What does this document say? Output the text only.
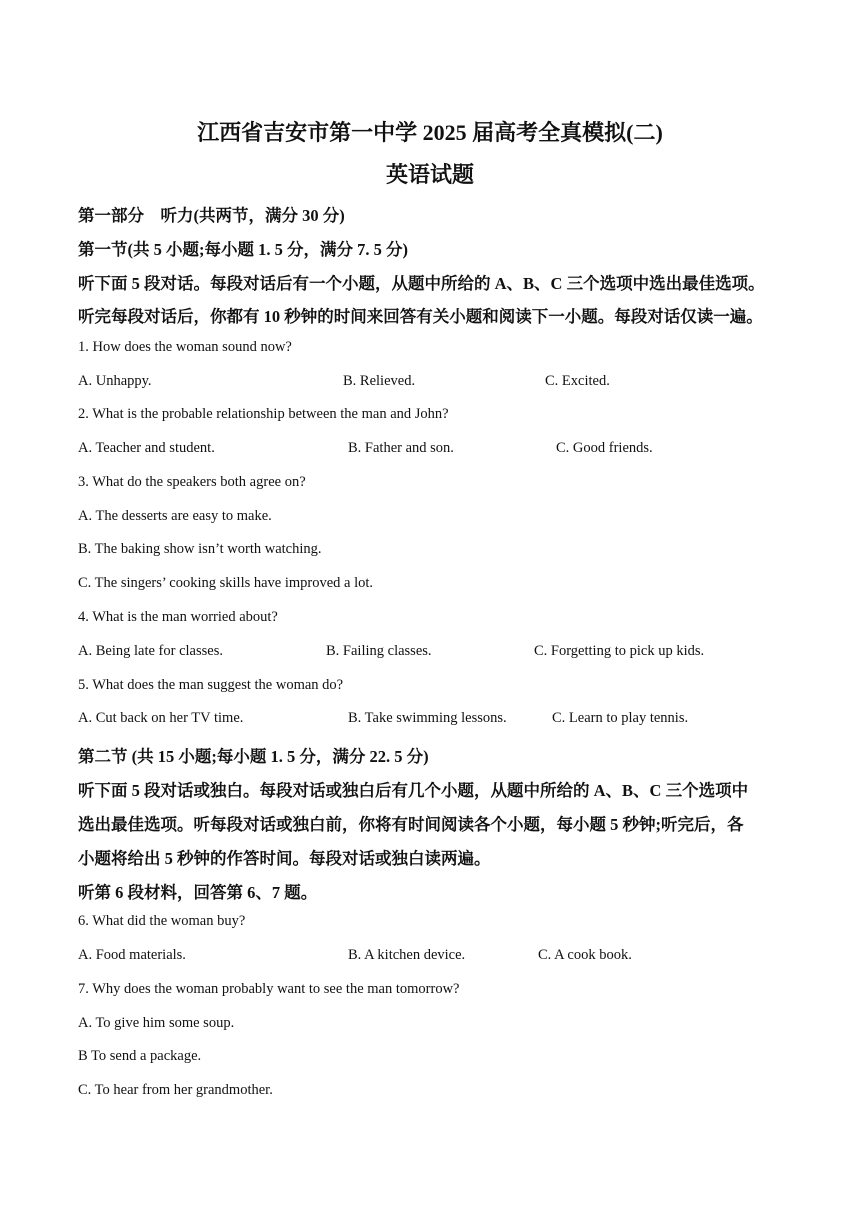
江西省吉安市第一中学 2025 届高考全真模拟(二)
英语试题
第一部分　听力(共两节，满分 30 分)
第一节(共 5 小题;每小题 1. 5 分，满分 7. 5 分)
听下面 5 段对话。每段对话后有一个小题，从题中所给的 A、B、C 三个选项中选出最佳选项。
听完每段对话后，你都有 10 秒钟的时间来回答有关小题和阅读下一小题。每段对话仅读一遍。
1. How does the woman sound now?
A. Unhappy.	B. Relieved.	C. Excited.
2. What is the probable relationship between the man and John?
A. Teacher and student.	B. Father and son.	C. Good friends.
3. What do the speakers both agree on?
A. The desserts are easy to make.
B. The baking show isn’t worth watching.
C. The singers’ cooking skills have improved a lot.
4. What is the man worried about?
A. Being late for classes.	B. Failing classes.	C. Forgetting to pick up kids.
5. What does the man suggest the woman do?
A. Cut back on her TV time.	B. Take swimming lessons.	C. Learn to play tennis.
第二节 (共 15 小题;每小题 1. 5 分，满分 22. 5 分)
听下面 5 段对话或独白。每段对话或独白后有几个小题，从题中所给的 A、B、C 三个选项中
选出最佳选项。听每段对话或独白前，你将有时间阅读各个小题，每小题 5 秒钟;听完后，各
小题将给出 5 秒钟的作答时间。每段对话或独白读两遍。
听第 6 段材料，回答第 6、7 题。
6. What did the woman buy?
A. Food materials.	B. A kitchen device.	C. A cook book.
7. Why does the woman probably want to see the man tomorrow?
A. To give him some soup.
B To send a package.
C. To hear from her grandmother.
